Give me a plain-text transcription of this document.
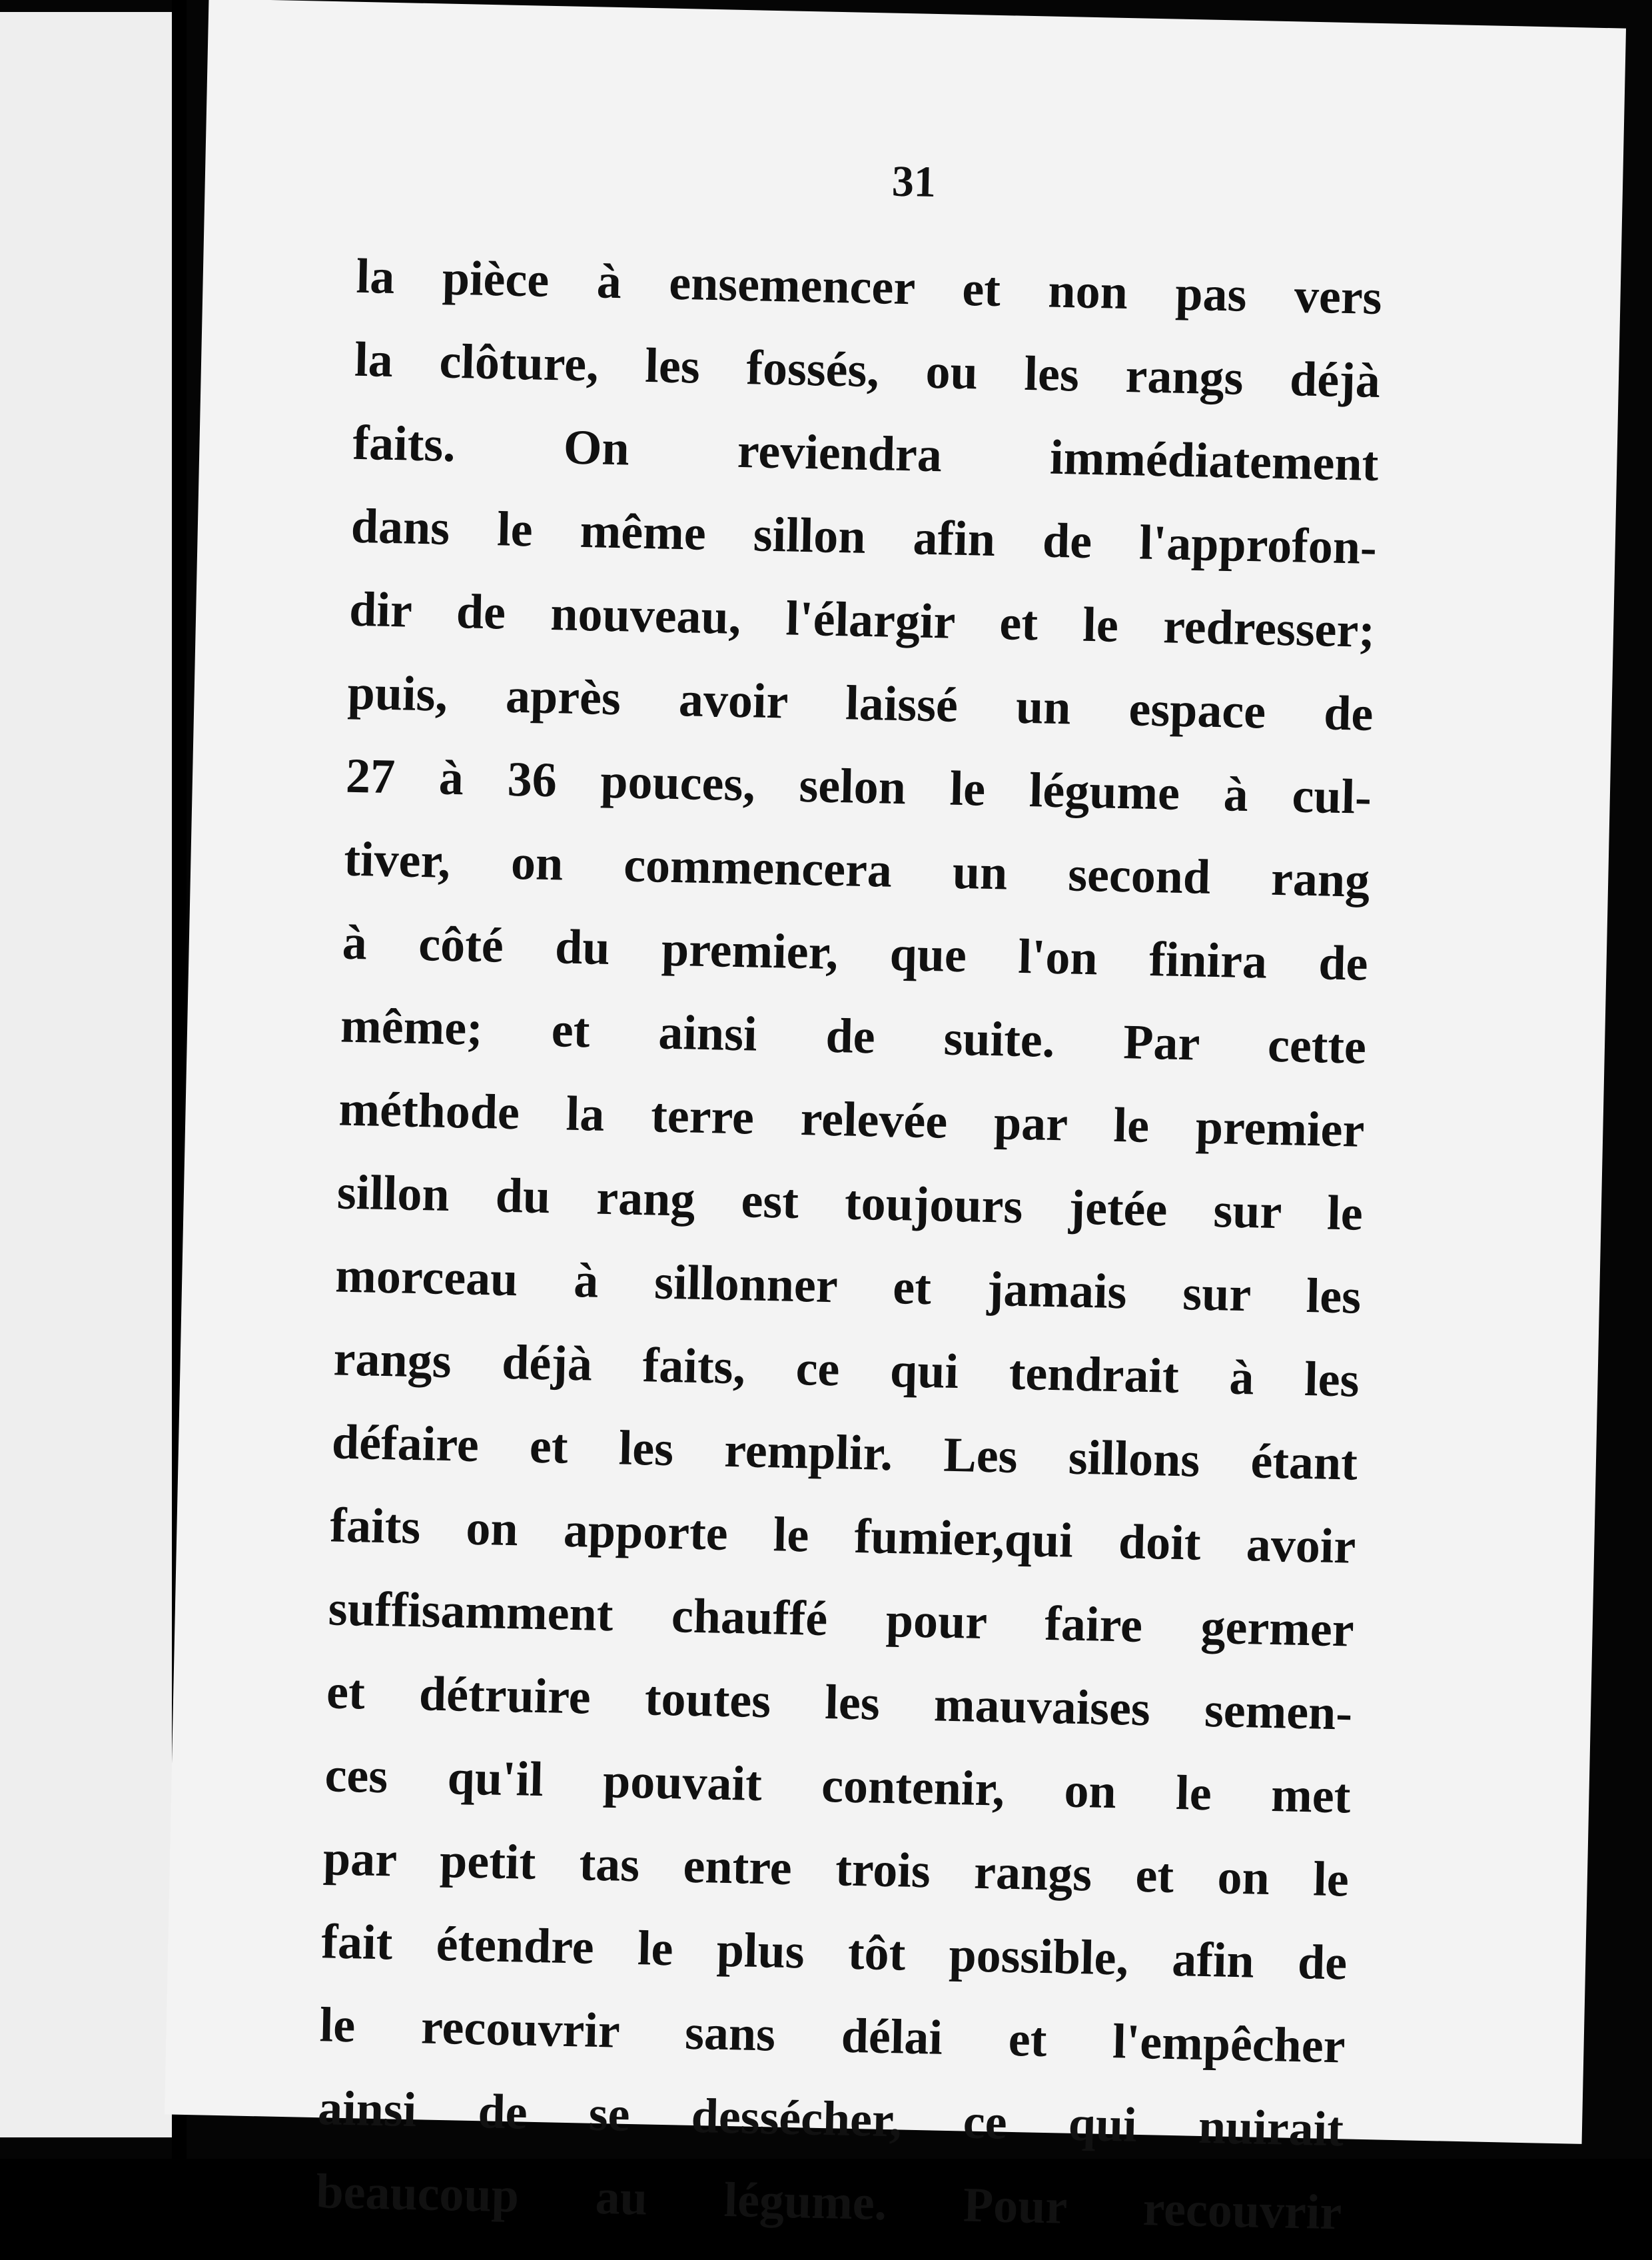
31
la pièce à ensemencer et non pas vers
la clôture, les fossés, ou les rangs déjà
faits. On reviendra immédiatement
dans le même sillon afin de l'approfon-
dir de nouveau, l'élargir et le redresser;
puis, après avoir laissé un espace de
27 à 36 pouces, selon le légume à cul-
tiver, on commencera un second rang
à côté du premier, que l'on finira de
même; et ainsi de suite. Par cette
méthode la terre relevée par le premier
sillon du rang est toujours jetée sur le
morceau à sillonner et jamais sur les
rangs déjà faits, ce qui tendrait à les
défaire et les remplir. Les sillons étant
faits on apporte le fumier,qui doit avoir
suffisamment chauffé pour faire germer
et détruire toutes les mauvaises semen-
ces qu'il pouvait contenir, on le met
par petit tas entre trois rangs et on le
fait étendre le plus tôt possible, afin de
le recouvrir sans délai et l'empêcher
ainsi de se dessécher, ce qui nuirait
beaucoup au légume. Pour recouvrir
